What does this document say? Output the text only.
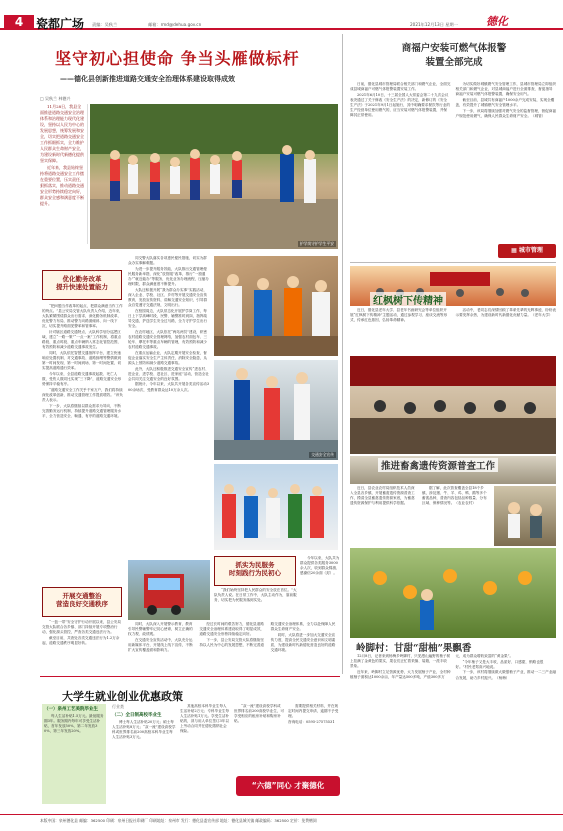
4	瓷都广场 责编：吴秋兰	邮箱：rmd@dehua.gov.cn	2021年12月13日 星期一	德化
坚守初心担使命 争当头雁做标杆
——德化县创新推进道路交通安全治理体系建设取得成效
□ 吴秋兰 林德兴

11月28日，我县全面推进道路交通安全治理体系和治理能力现代化建设，坚持以人民为中心的发展思想，统筹发展和安全，切实把道路交通安全工作抓细抓实，全力维护人民群众生命财产安全，为建设新时代新德化提供坚实保障。

近年来，我县始终坚持将道路交通安全工作摆在重要位置，压实责任，狠抓落实，推动道路交通安全形势持续稳定向好，群众安全感和满意度不断提升。

护学岗守护学生平安
优化勤务改革
提升快速处置能力

“把问题当作改革的起点，把群众满意当作工作的终点。”县公安局交管大队负责人介绍，近年来，大队紧紧围绕群众出行需求，深化勤务机制改革，优化警力布局，推动警力向路面倾斜、向一线下沉，切实提升路面见警率和管事率。

针对辖区道路交通特点，大队科学划分巡逻区域，建立“一路一策”“一点一案”工作机制，将重点路段、重点时段、重点车辆纳入常态化管控范围，有效预防和减少道路交通事故发生。

同时，大队依托智慧交通指挥平台，建立快速响应处置机制，对交通事故、道路拥堵等警情做到第一时间发现、第一时间到场、第一时间处置，切实提高道路通行效率。

今年以来，全县道路交通事故起数、死亡人数、受伤人数同比实现“三下降”，道路交通安全形势保持平稳有序。

“道路交通安全工作关乎千家万户，我们将持续深化改革创新，推动交通管理工作提质增效。”该负责人表示。

下一步，大队将继续以群众需求为导向，不断完善勤务运行机制，持续提升道路交通管理服务水平，全力营造安全、畅通、有序的道路交通环境。

开展交通整治
营造良好交通秩序

“一盔一带”安全守护行动开展以来，县公安局交管大队联合各乡镇、部门持续开展专项整治行动，强化源头管控，严查各类交通违法行为。

截至目前，共查处各类交通违法行为1.2万余起，道路交通秩序明显好转。

同交警大队落实各项惠民便民措施，切实为群众办实事解难题。

为进一步提升服务效能，大队推出交通管理便民服务新举措，深化“放管服”改革，推行“一窗通办”“就近能办”等服务，优化业务办理流程，压缩办理时限，群众满意度不断提升。

大队还积极开展“我为群众办实事”实践活动，深入企业、学校、社区、乡村等开展交通安全宣传教育，发放宣传资料，讲解交通安全知识，引导群众自觉遵守交通法规，文明出行。

在校园周边，大队常态化开展护学岗工作，每日上下学高峰时段，民警、辅警准时到岗，指挥疏导交通，护送学生安全过马路，全力守护学生出行安全。

在农村地区，大队依托“两站两员”建设，织密农村道路交通安全管理网络，加强农村面包车、三轮车、摩托车等重点车辆的管理，有效预防和减少农村道路交通事故。

在重点运输企业，大队定期开展安全检查，督促企业落实安全生产主体责任，消除安全隐患，从源头上预防和减少道路交通事故。

此外，大队还积极推进交通安全宣传“进农村、进企业、进学校、进社区、进家庭”活动，营造全社会共同关注交通安全的良好氛围。

据统计，今年以来，大队共开展各类宣传活动300余场次，受教育群众达10万余人次。

交通安全宣传
抓实为民服务
时刻践行为民初心

“我们始终坚持把人民群众的安全放在首位。”大队负责人说。在日常工作中，大队主动作为，靠前服务，切实把为民服务落到实处。

今年以来，大队共为群众提供各类服务3000余人次，收到群众锦旗、感谢信20余面（封）。

同时，大队深入开展警示教育，教育引导民警辅警牢记初心使命，树立正确的权力观、政绩观。

在交通安全宣传活动中，大队充分运用新媒体平台，开展线上线下宣传，不断扩大宣传覆盖面和影响力。

经过长时间的艰苦努力，德化县道路交通安全治理体系建设取得了明显成效，道路交通安全形势持续稳定向好。

下一步，县公安局交管大队将继续坚持以人民为中心的发展思想，不断完善道路交通安全治理体系，全力以赴保障人民群众生命财产安全。

同时，大队将进一步加大交通安全宣传力度，提高全民交通安全意识和文明素质，为建设新时代新德化营造良好的道路交通环境。

商福户安装可燃气体报警
装置全部完成

日前，德化县城市管理局联合相关部门和燃气企业，全面完成县城商福户可燃气体报警装置安装工作。

2021年6月10日，十三届全国人大常委会第二十九次会议表决通过了关于修改《安全生产法》的决定，新修订的《安全生产法》于2021年9月1日起施行，其中明确要求餐饮等行业的生产经营单位使用燃气的，应当安装可燃气体报警装置，并保障其正常使用。

为切实做好城镇燃气安全管理工作，县城市管理局立即组织相关部门和燃气企业，对县城商福户进行全面排查，督促指导商福户安装可燃气体报警装置，确保安全用气。

截至目前，县城共有商福户1000余户完成安装，实现全覆盖，有效提升了城镇燃气安全管理水平。

下一步，该局将继续加强对燃气安全的监督管理，督促商福户规范使用燃气，确保人民群众生命财产安全。（城管）

▦ 城市管理
红枫树下传精神

近日，德化县老年大学、县老年书画研究会等单位组织开展“红枫树下传精神”主题活动，通过参观学习、座谈交流等形式，传承红色基因，弘扬革命精神。

活动中，老同志们深情回顾了革命先辈的光辉事迹，纷纷表示要发挥余热，为建设新时代新德化贡献力量。（老年大学）

推进畜禽遗传资源普查工作

近日，县农业农村局组织技术人员深入全县各乡镇，开展畜禽遗传资源普查工作，摸清全县畜禽遗传资源家底，为畜禽遗传资源保护与利用提供科学依据。

据了解，此次普查覆盖全县18个乡镇，涉及猪、牛、羊、鸡、鸭、鹅等多个畜禽品种，普查内容包括品种数量、分布区域、保种情况等。（农业农村）

岭脚村：甘甜“甜柚”果飘香

12月8日，记者来到杨梅乡岭脚村，只见漫山遍野的柚子树上挂满了金黄色的果实，果农们正忙着采摘、装箱，一派丰收景象。

近年来，岭脚村立足资源优势，大力发展柚子产业，全村种植柚子面积达1000余亩，年产量达500多吨，产值300多万元，成为群众增收致富的“黄金果”。

“今年柚子又是大丰收，品质好、口感甜，销路也很好。”村民老郑高兴地说。

下一步，该村将继续做大做强柚子产业，推动一二三产业融合发展，助力乡村振兴。（杨梅）

大学生就业创业优惠政策
（一）泉州工艺美院毕业生

每人生活补贴1.5万元。最低服务期3年。服务期内每年可享受生活补贴，首年发放50%，第二年发放30%，第三年发放20%。

行业类
（二）全日制高校毕业生

博士每人生活补贴20万元；硕士每人生活补贴8万元；“双一流”建设高校学科或世界排名前200高校本科毕业生每人生活补贴3万元。

其他高校本科毕业生每人生活补贴2万元；专科毕业生每人生活补贴1万元。享受生活补贴的，须与用人单位签订3年以上劳动合同并在德化缴纳社会保险。

“双一流”建设高校学科或世界排名前200高校毕业生，可享受相应的租房补贴和购房补贴。

需要提供相关材料，并在规定时间内提交申请，逾期不予受理。

咨询电话：0595-27575531

“六德”同心 才聚德化
本版中国：泉州德化县 邮编：362500 印刷：泉州日报社印刷厂 印刷地址：泉州市 发行：德化县委宣传部 地址：德化县城关镇 邮政编码：362500 定价：免费赠阅
